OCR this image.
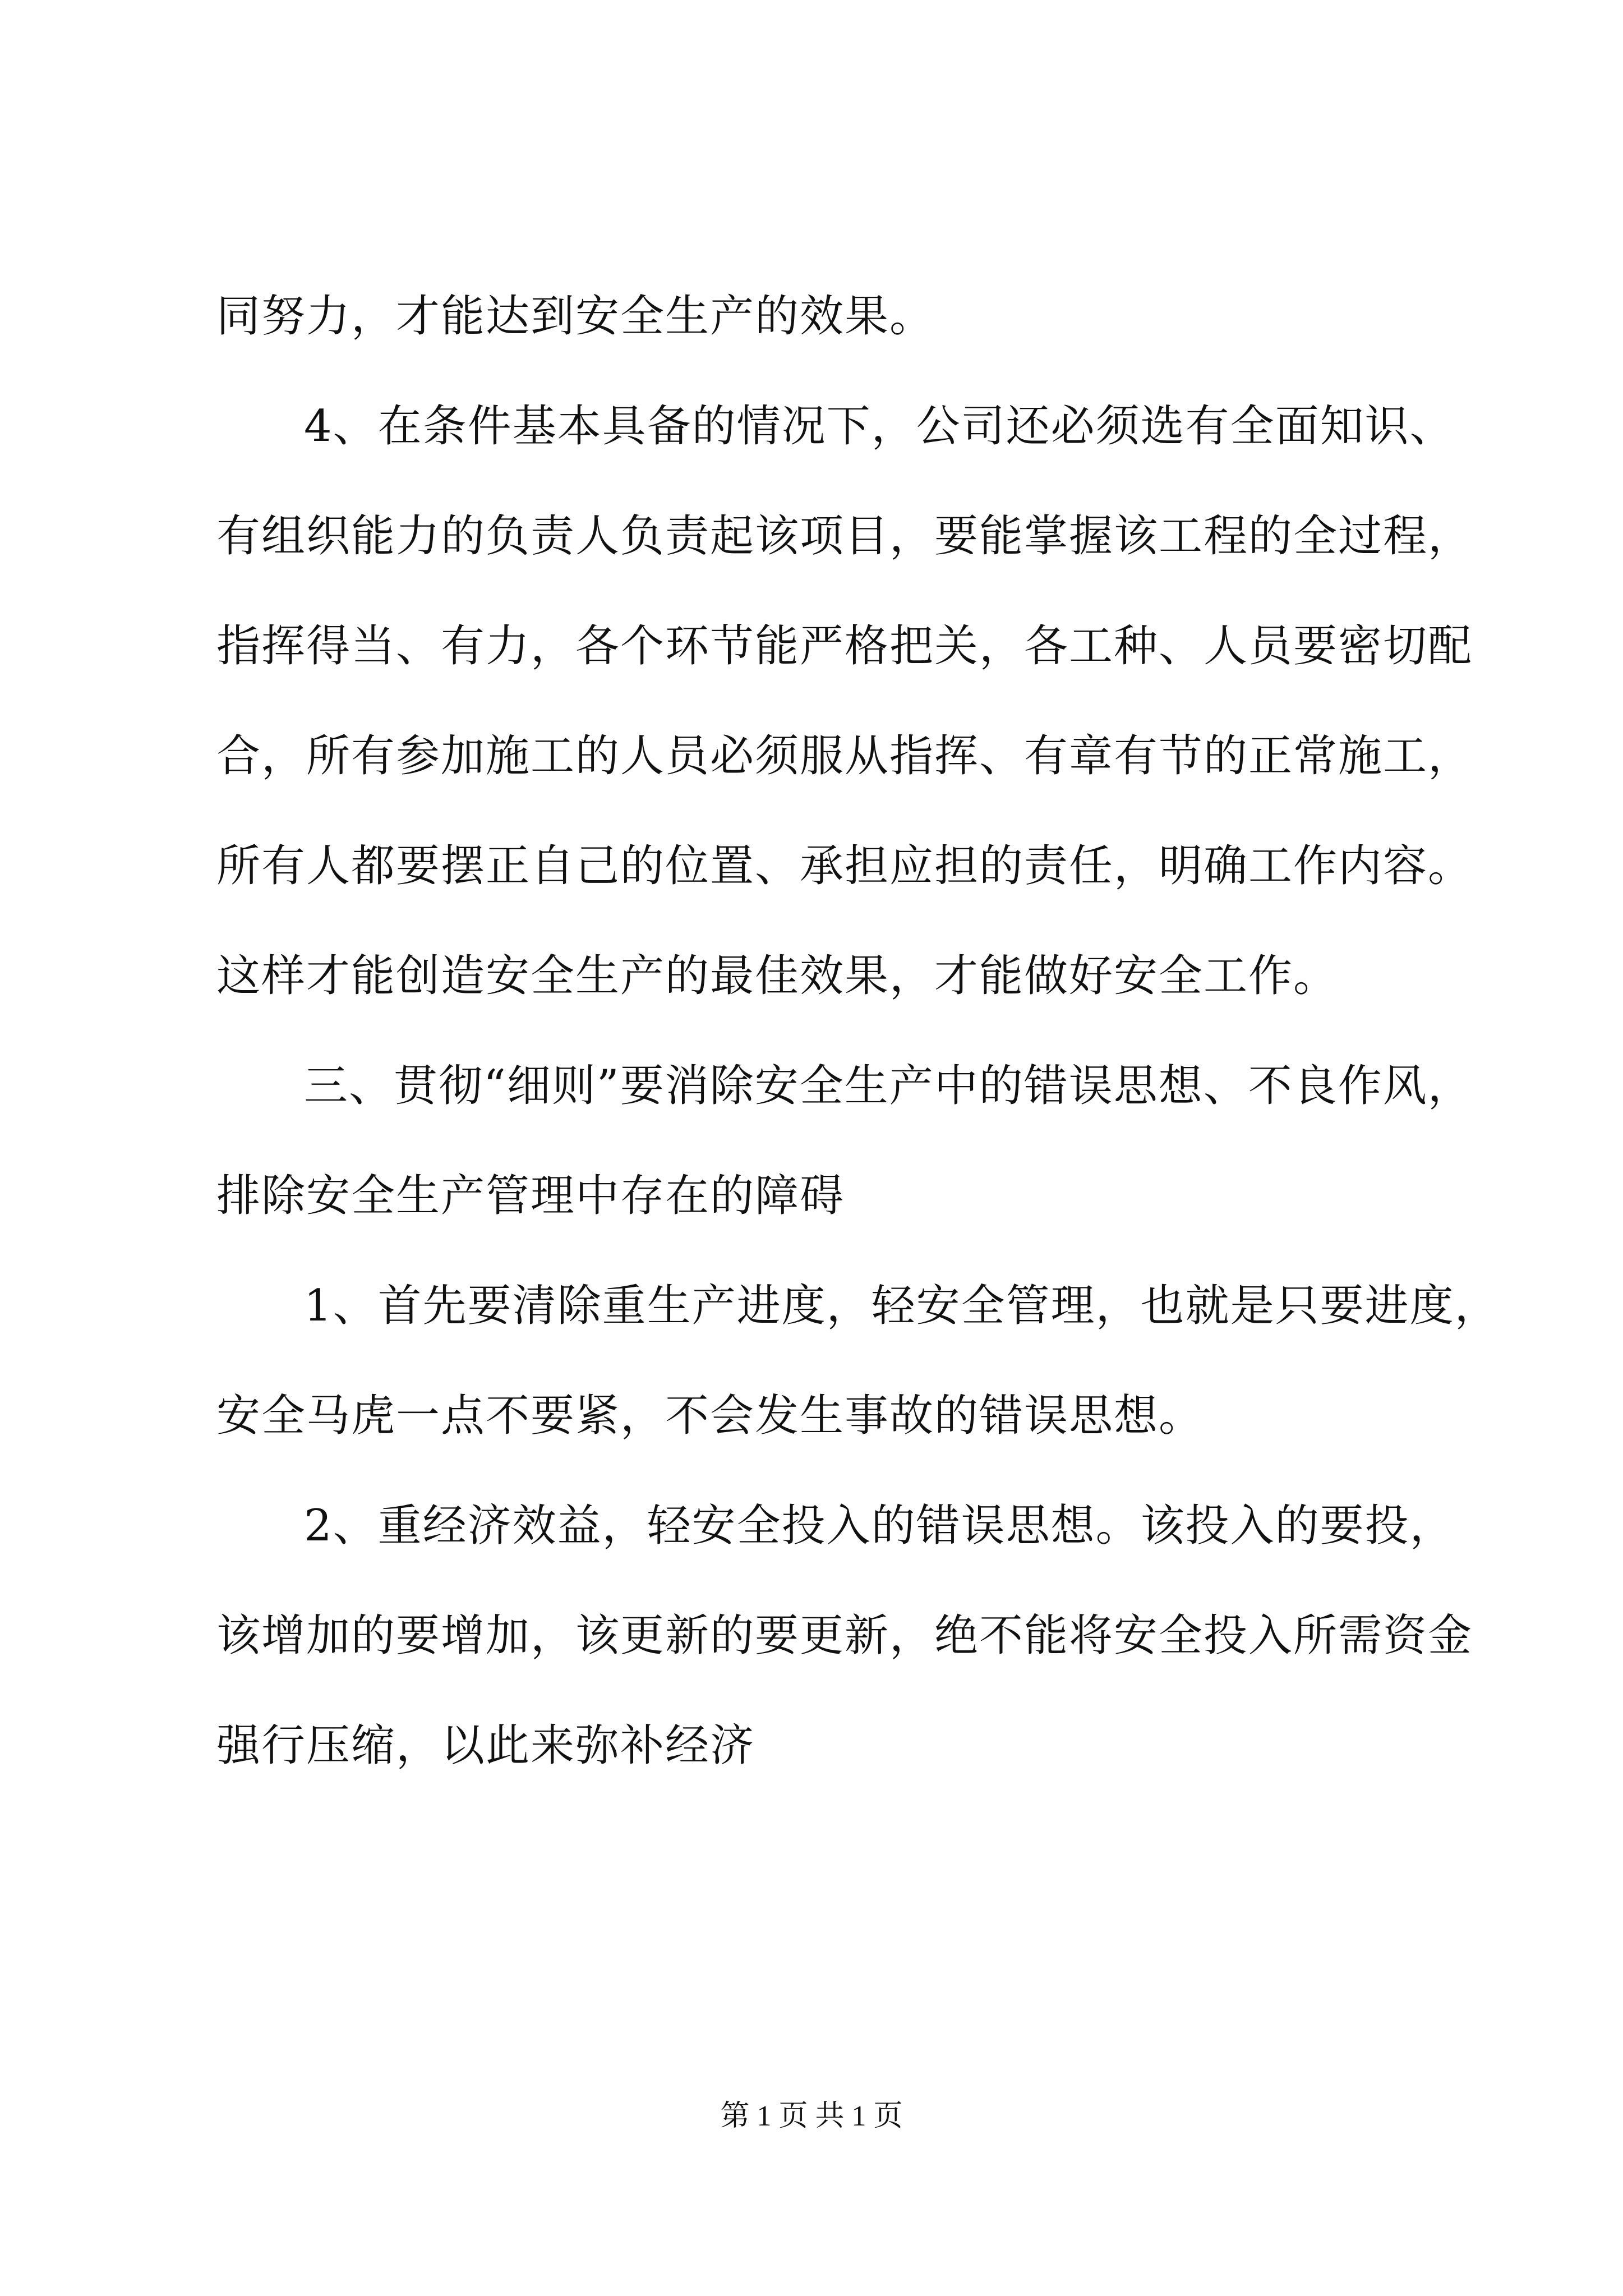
同努力，才能达到安全生产的效果。
4、在条件基本具备的情况下，公司还必须选有全面知识、
有组织能力的负责人负责起该项目，要能掌握该工程的全过程，
指挥得当、有力，各个环节能严格把关，各工种、人员要密切配
合，所有参加施工的人员必须服从指挥、有章有节的正常施工，
所有人都要摆正自己的位置、承担应担的责任，明确工作内容。
这样才能创造安全生产的最佳效果，才能做好安全工作。
三、贯彻“细则”要消除安全生产中的错误思想、不良作风，
排除安全生产管理中存在的障碍
1、首先要清除重生产进度，轻安全管理，也就是只要进度，
安全马虎一点不要紧，不会发生事故的错误思想。
2、重经济效益，轻安全投入的错误思想。该投入的要投，
该增加的要增加，该更新的要更新，绝不能将安全投入所需资金
强行压缩，以此来弥补经济
第 1 页 共 1 页
